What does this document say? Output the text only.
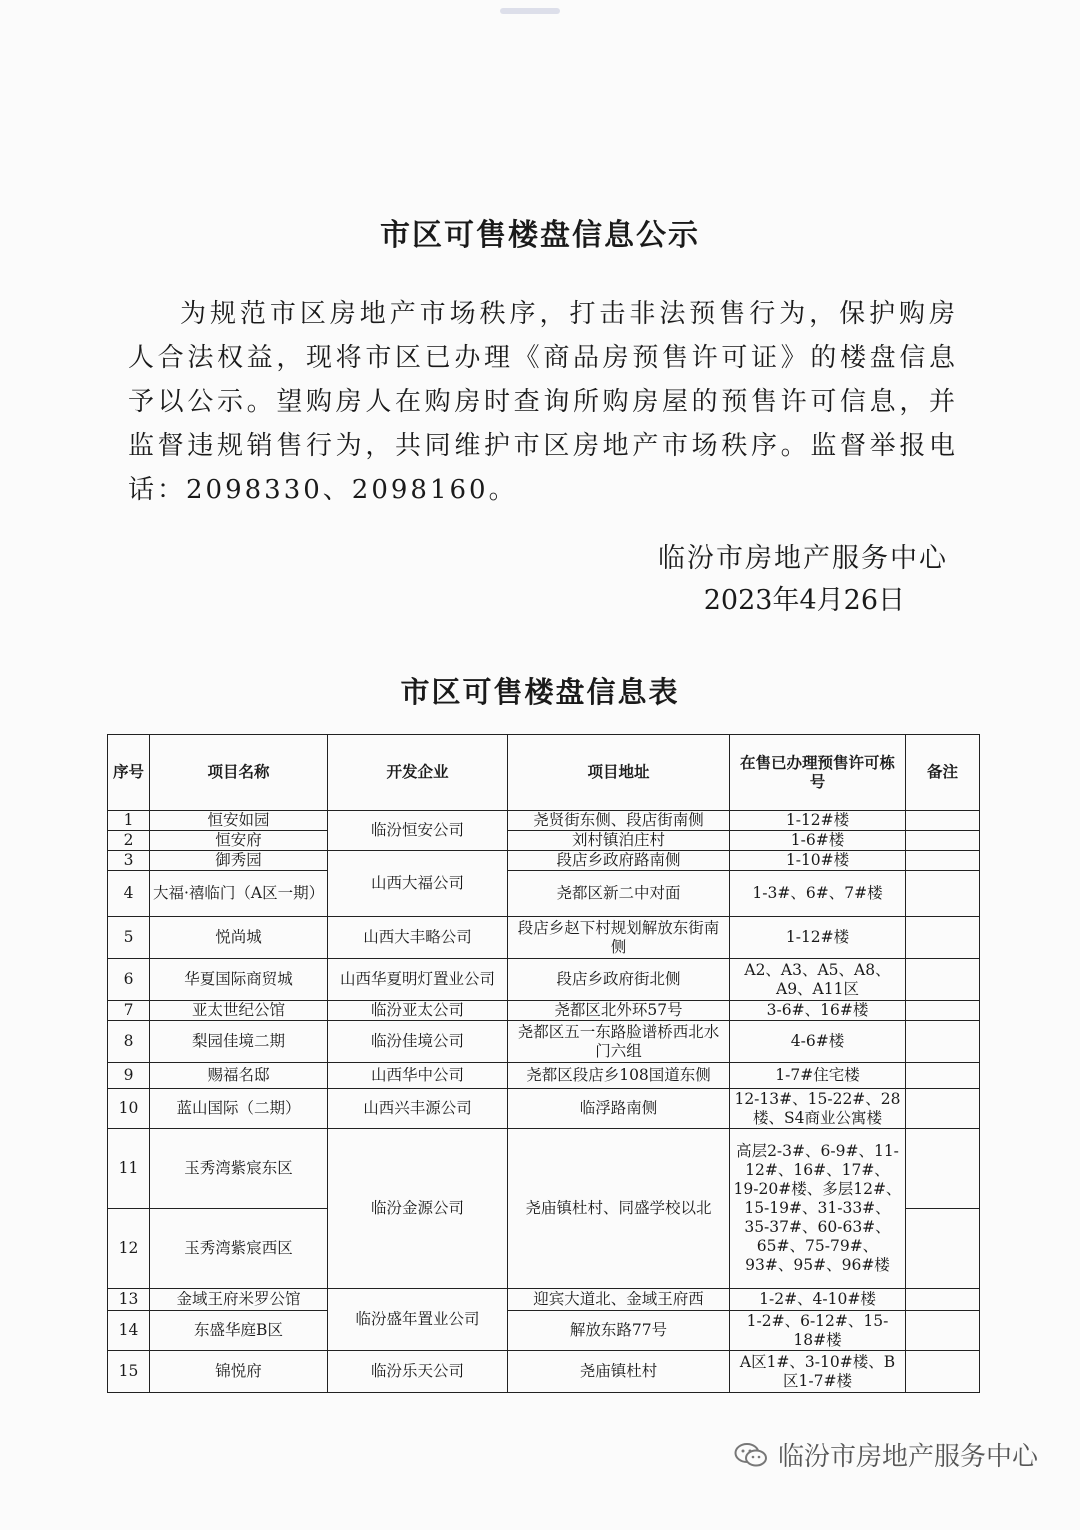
市区可售楼盘信息公示

为规范市区房地产市场秩序，打击非法预售行为，保护购房人合法权益，现将市区已办理《商品房预售许可证》的楼盘信息予以公示。望购房人在购房时查询所购房屋的预售许可信息，并监督违规销售行为，共同维护市区房地产市场秩序。监督举报电话：2098330、2098160。

临汾市房地产服务中心
2023年4月26日
市区可售楼盘信息表
序号	项目名称	开发企业	项目地址	在售已办理预售许可栋号	备注
1	恒安如园	临汾恒安公司	尧贤街东侧、段店街南侧	1-12#楼	
2	恒安府		刘村镇泊庄村	1-6#楼	
3	御秀园	山西大福公司	段店乡政府路南侧	1-10#楼	
4	大福·禧临门（A区一期）		尧都区新二中对面	1-3#、6#、7#楼	
5	悦尚城	山西大丰略公司	段店乡赵下村规划解放东街南侧	1-12#楼	
6	华夏国际商贸城	山西华夏明灯置业公司	段店乡政府街北侧	A2、A3、A5、A8、A9、A11区	
7	亚太世纪公馆	临汾亚太公司	尧都区北外环57号	3-6#、16#楼	
8	梨园佳境二期	临汾佳境公司	尧都区五一东路脸谱桥西北水门六组	4-6#楼	
9	赐福名邸	山西华中公司	尧都区段店乡108国道东侧	1-7#住宅楼	
10	蓝山国际（二期）	山西兴丰源公司	临浮路南侧	12-13#、15-22#、28楼、S4商业公寓楼	
11	玉秀湾紫宸东区	临汾金源公司	尧庙镇杜村、同盛学校以北	高层2-3#、6-9#、11-12#、16#、17#、19-20#楼、多层12#、15-19#、31-33#、35-37#、60-63#、65#、75-79#、93#、95#、96#楼	
12	玉秀湾紫宸西区				
13	金域王府米罗公馆	临汾盛年置业公司	迎宾大道北、金域王府西	1-2#、4-10#楼	
14	东盛华庭B区		解放东路77号	1-2#、6-12#、15-18#楼	
15	锦悦府	临汾乐天公司	尧庙镇杜村	A区1#、3-10#楼、B区1-7#楼	
临汾市房地产服务中心
